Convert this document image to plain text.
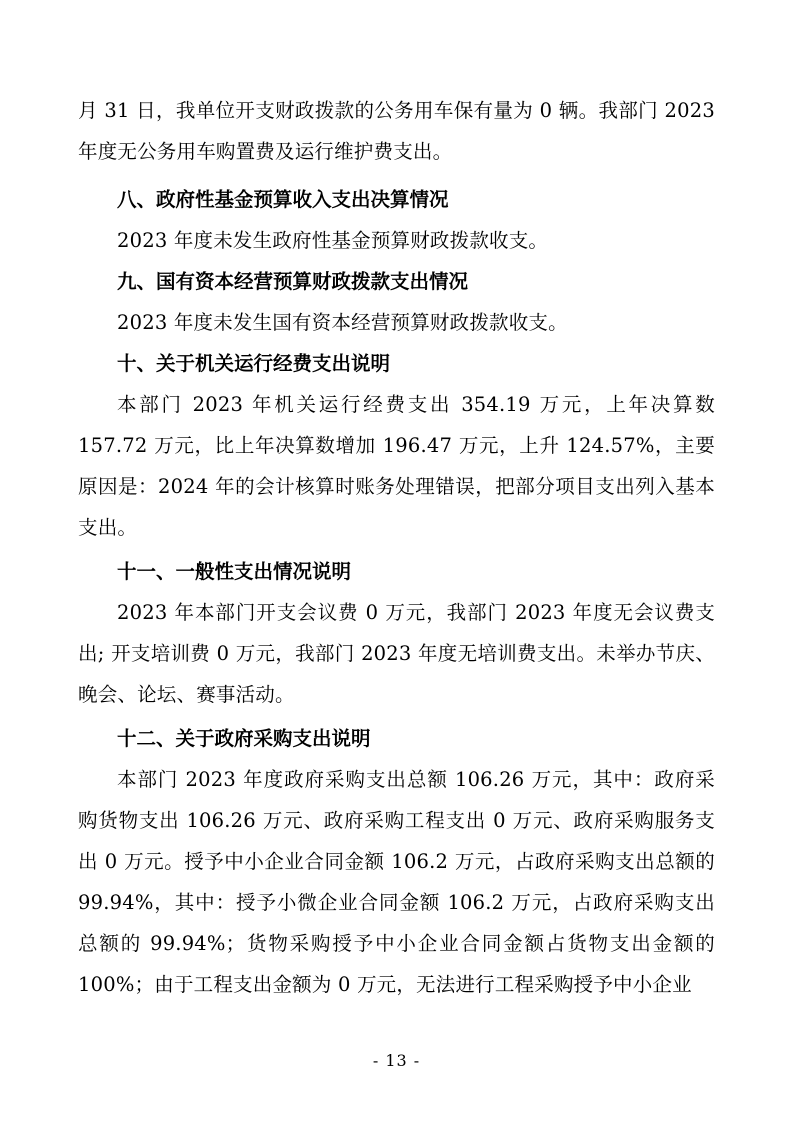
月 31 日，我单位开支财政拨款的公务用车保有量为 0 辆。我部门 2023 年度无公务用车购置费及运行维护费支出。

八、政府性基金预算收入支出决算情况

2023 年度未发生政府性基金预算财政拨款收支。

九、国有资本经营预算财政拨款支出情况

2023 年度未发生国有资本经营预算财政拨款收支。

十、关于机关运行经费支出说明

本部门 2023 年机关运行经费支出 354.19 万元，上年决算数 157.72 万元，比上年决算数增加 196.47 万元，上升 124.57%，主要原因是：2024 年的会计核算时账务处理错误，把部分项目支出列入基本支出。

十一、一般性支出情况说明

2023 年本部门开支会议费 0 万元，我部门 2023 年度无会议费支出; 开支培训费 0 万元，我部门 2023 年度无培训费支出。未举办节庆、晚会、论坛、赛事活动。

十二、关于政府采购支出说明

本部门 2023 年度政府采购支出总额 106.26 万元，其中：政府采购货物支出 106.26 万元、政府采购工程支出 0 万元、政府采购服务支出 0 万元。授予中小企业合同金额 106.2 万元，占政府采购支出总额的 99.94%，其中：授予小微企业合同金额 106.2 万元，占政府采购支出总额的 99.94%；货物采购授予中小企业合同金额占货物支出金额的 100%；由于工程支出金额为 0 万元，无法进行工程采购授予中小企业

- 13 -
